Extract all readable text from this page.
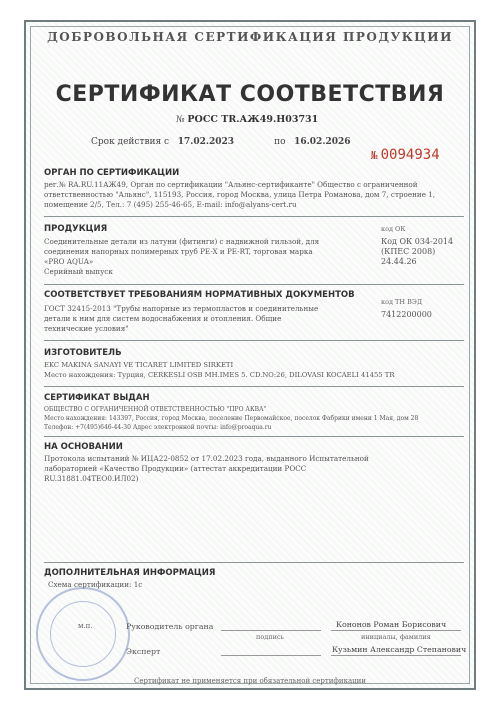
ДОБРОВОЛЬНАЯ СЕРТИФИКАЦИЯ ПРОДУКЦИИ
СЕРТИФИКАТ СООТВЕТСТВИЯ
№ РОСС TR.АЖ49.Н03731
Срок действия с 17.02.2023	по 16.02.2026
№ 0094934
ОРГАН ПО СЕРТИФИКАЦИИ
рег.№ RA.RU.11АЖ49, Орган по сертификации "Альянс-сертификанте" Общество с ограниченной
ответственностью "Альянс", 115193, Россия, город Москва, улица Петра Романова, дом 7, строение 1,
помещение 2/5, Тел.: 7 (495) 255-46-65, E-mail: info@alyans-cert.ru
ПРОДУКЦИЯ
Соединительные детали из латуни (фитинги) с надвижной гильзой, для
соединения напорных полимерных труб PE-X и PE-RT, торговая марка
«PRO AQUA»
Серийный выпуск
код ОК
Код ОК 034-2014
(КПЕС 2008)
24.44.26
СООТВЕТСТВУЕТ ТРЕБОВАНИЯМ НОРМАТИВНЫХ ДОКУМЕНТОВ
ГОСТ 32415-2013 "Трубы напорные из термопластов и соединительные
детали к ним для систем водоснабжения и отопления. Общие
технические условия"
код ТН ВЭД
7412200000
ИЗГОТОВИТЕЛЬ
EKC MAKINA SANAYI VE TICARET LIMITED SIRKETI
Место нахождения: Турция, CERKESLI OSB MH.IMES 5. CD.NO:26, DILOVASI KOCAELI 41455 TR
СЕРТИФИКАТ ВЫДАН
ОБЩЕСТВО С ОГРАНИЧЕННОЙ ОТВЕТСТВЕННОСТЬЮ "ПРО АКВА"
Место нахождения: 143397, Россия, город Москва, поселение Первомайское, поселок Фабрики имени 1 Мая, дом 28
Телефон: +7(495)646-44-30 Адрес электронной почты: info@proaqua.ru
НА ОСНОВАНИИ
Протокола испытаний № ИЦА22-0852 от 17.02.2023 года, выданного Испытательной
лабораторией «Качество Продукции» (аттестат аккредитации РОСС
RU.31881.04ТЕО0.ИЛ02)
ДОПОЛНИТЕЛЬНАЯ ИНФОРМАЦИЯ
Схема сертификации: 1с
м.п.	Руководитель органа	Кононов Роман Борисович
подпись	инициалы, фамилия
Эксперт	Кузьмин Александр Степанович
Сертификат не применяется при обязательной сертификации
